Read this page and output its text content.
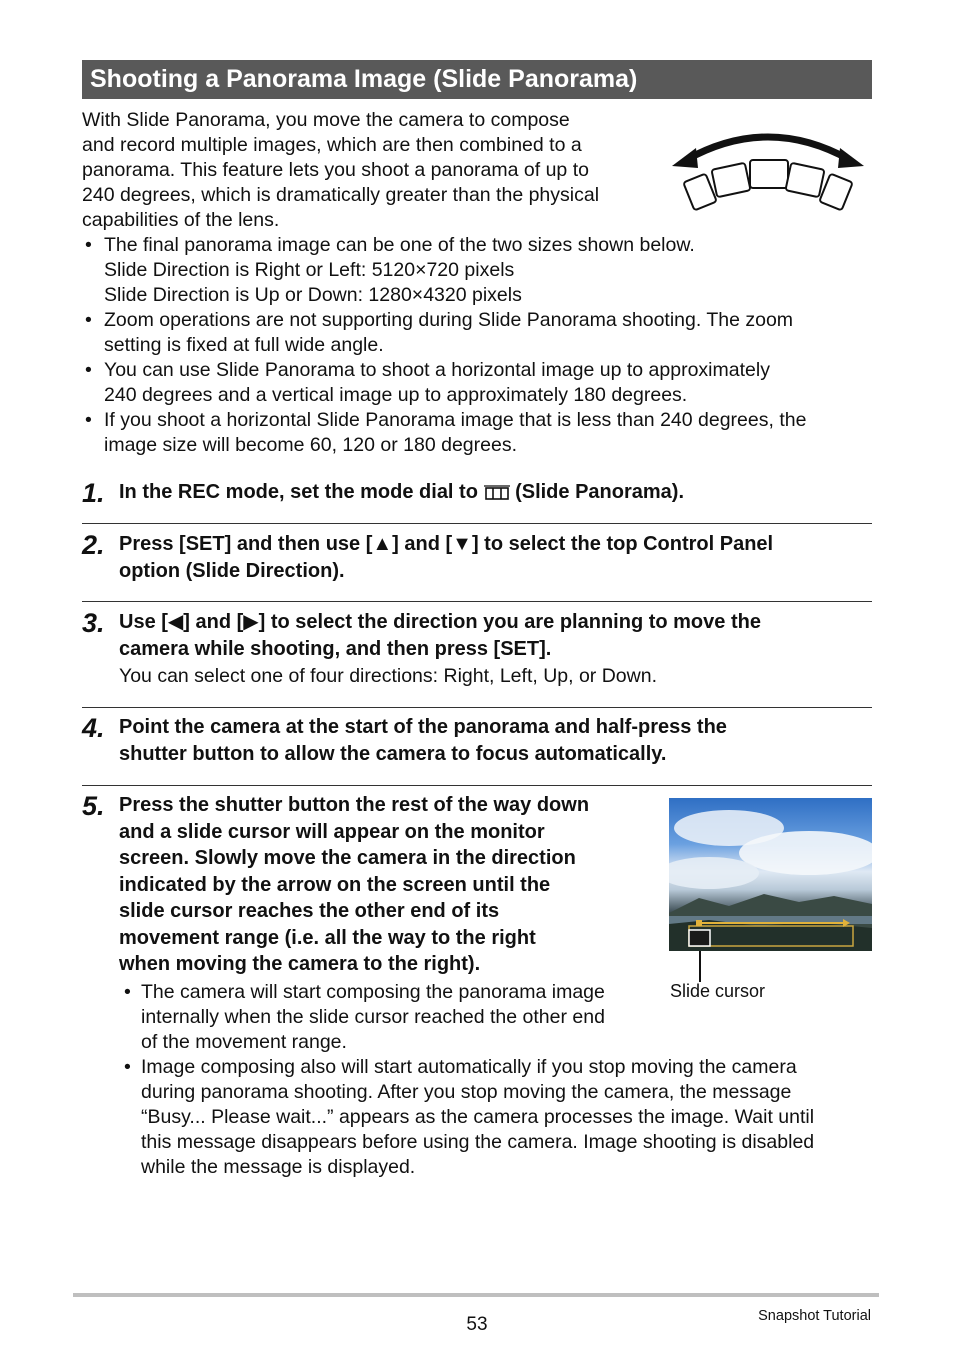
Shooting a Panorama Image (Slide Panorama)
With Slide Panorama, you move the camera to compose
and record multiple images, which are then combined to a
panorama. This feature lets you shoot a panorama of up to
240 degrees, which is dramatically greater than the physical
capabilities of the lens.
• The final panorama image can be one of the two sizes shown below.
Slide Direction is Right or Left: 5120×720 pixels
Slide Direction is Up or Down: 1280×4320 pixels
• Zoom operations are not supporting during Slide Panorama shooting. The zoom
setting is fixed at full wide angle.
• You can use Slide Panorama to shoot a horizontal image up to approximately
240 degrees and a vertical image up to approximately 180 degrees.
• If you shoot a horizontal Slide Panorama image that is less than 240 degrees, the
image size will become 60, 120 or 180 degrees.
1. In the REC mode, set the mode dial to (Slide Panorama).
2. Press [SET] and then use [▲] and [▼] to select the top Control Panel
option (Slide Direction).
3. Use [◀] and [▶] to select the direction you are planning to move the
camera while shooting, and then press [SET].
You can select one of four directions: Right, Left, Up, or Down.
4. Point the camera at the start of the panorama and half-press the
shutter button to allow the camera to focus automatically.
5. Press the shutter button the rest of the way down
and a slide cursor will appear on the monitor
screen. Slowly move the camera in the direction
indicated by the arrow on the screen until the
slide cursor reaches the other end of its
movement range (i.e. all the way to the right
when moving the camera to the right).
Slide cursor
• The camera will start composing the panorama image
internally when the slide cursor reached the other end
of the movement range.
• Image composing also will start automatically if you stop moving the camera
during panorama shooting. After you stop moving the camera, the message
“Busy... Please wait...” appears as the camera processes the image. Wait until
this message disappears before using the camera. Image shooting is disabled
while the message is displayed.
53	Snapshot Tutorial
